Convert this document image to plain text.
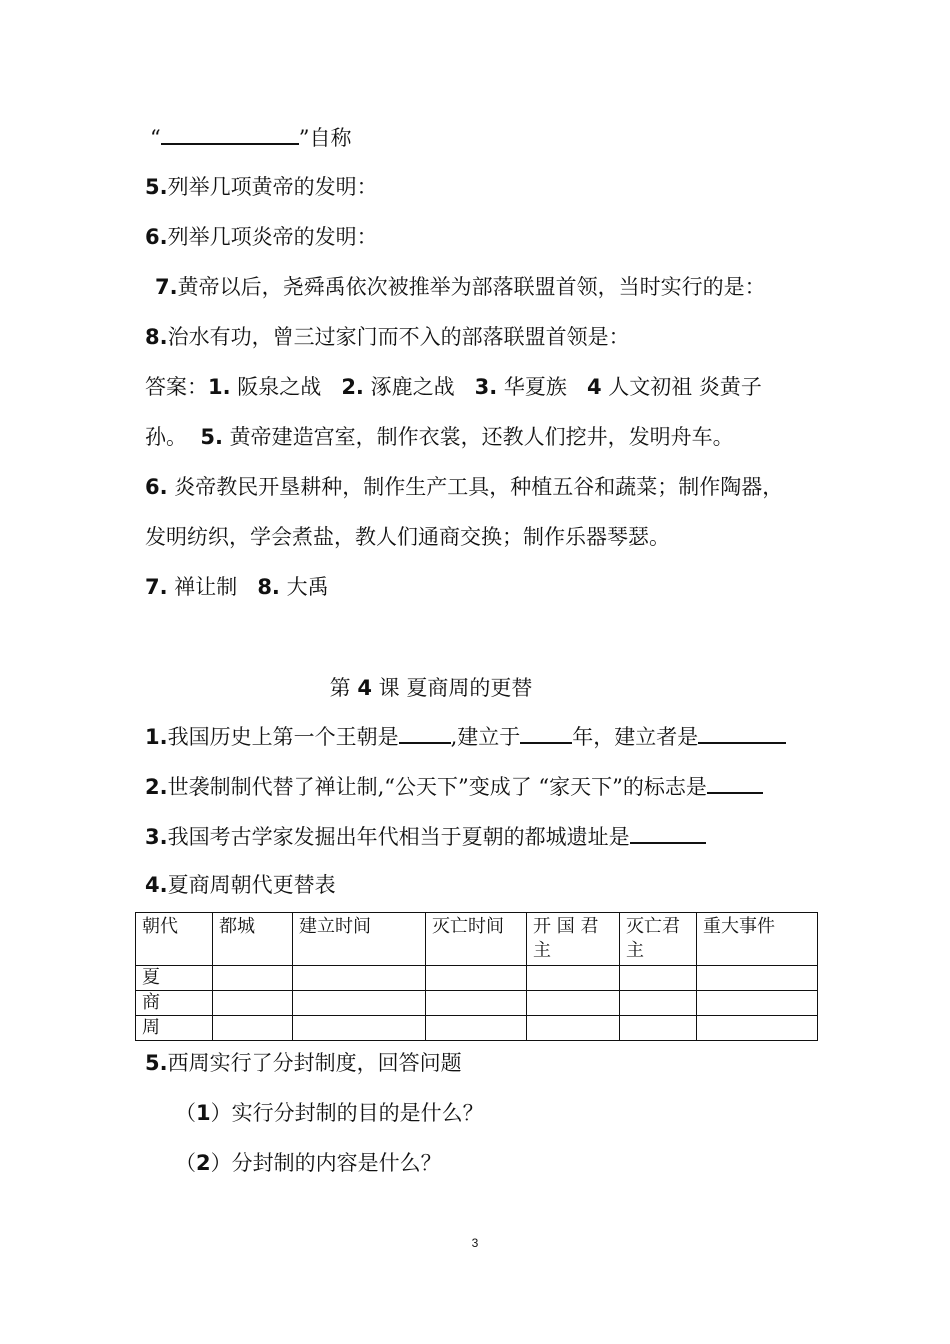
“	”自称
5.列举几项黄帝的发明：
6.列举几项炎帝的发明：
7.黄帝以后，尧舜禹依次被推举为部落联盟首领，当时实行的是：
8.治水有功，曾三过家门而不入的部落联盟首领是：
答案：1. 阪泉之战 2. 涿鹿之战 3. 华夏族 4 人文初祖 炎黄子
孙。 5. 黄帝建造宫室，制作衣裳，还教人们挖井，发明舟车。
6. 炎帝教民开垦耕种，制作生产工具，种植五谷和蔬菜；制作陶器，
发明纺织，学会煮盐，教人们通商交换；制作乐器琴瑟。
7. 禅让制 8. 大禹
第 4 课 夏商周的更替
1.我国历史上第一个王朝是 ,建立于 年，建立者是
2.世袭制制代替了禅让制,“公天下”变成了 “家天下”的标志是
3.我国考古学家发掘出年代相当于夏朝的都城遗址是
4.夏商周朝代更替表
朝代	都城	建立时间	灭亡时间	开 国 君 主	灭亡君主	重大事件
夏						
商						
周						
5.西周实行了分封制度，回答问题
（1）实行分封制的目的是什么？
（2）分封制的内容是什么？
3
